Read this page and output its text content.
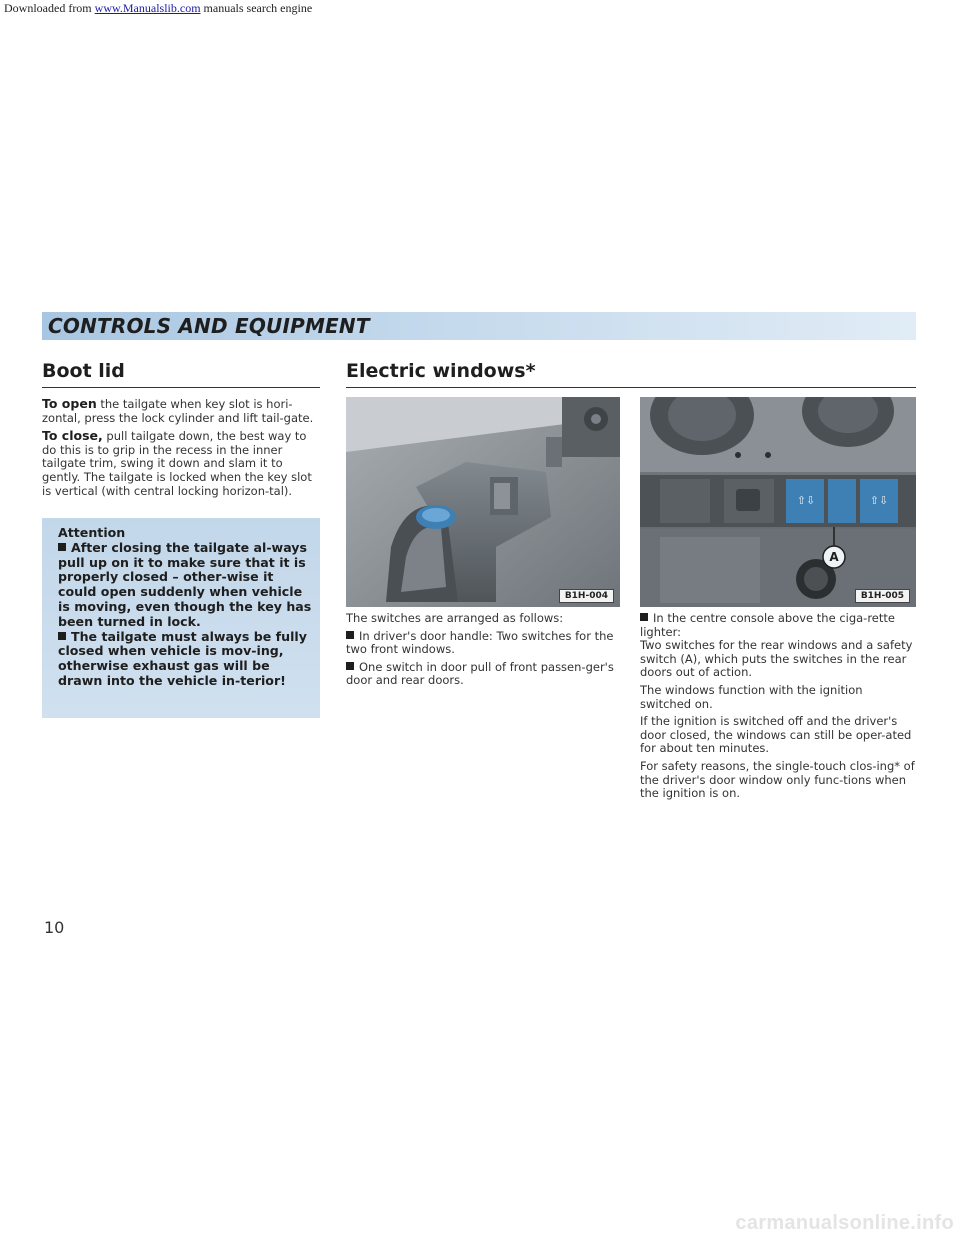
Downloaded from www.Manualslib.com manuals search engine
CONTROLS AND EQUIPMENT
Boot lid

To open the tailgate when key slot is hori-zontal, press the lock cylinder and lift tail-gate.

To close, pull tailgate down, the best way to do this is to grip in the recess in the inner tailgate trim, swing it down and slam it to gently. The tailgate is locked when the key slot is vertical (with central locking horizon-tal).

Attention

After closing the tailgate al-ways pull up on it to make sure that it is properly closed – other-wise it could open suddenly when vehicle is moving, even though the key has been turned in lock.

The tailgate must always be fully closed when vehicle is mov-ing, otherwise exhaust gas will be drawn into the vehicle in-terior!

Electric windows*
B1H-004
⇧⇩	⇧⇩
A
B1H-005

The switches are arranged as follows:

In driver's door handle: Two switches for the two front windows.

One switch in door pull of front passen-ger's door and rear doors.

In the centre console above the ciga-rette lighter:

Two switches for the rear windows and a safety switch (A), which puts the switches in the rear doors out of action.

The windows function with the ignition switched on.

If the ignition is switched off and the driver's door closed, the windows can still be oper-ated for about ten minutes.

For safety reasons, the single-touch clos-ing* of the driver's door window only func-tions when the ignition is on.

10
carmanualsonline.info
